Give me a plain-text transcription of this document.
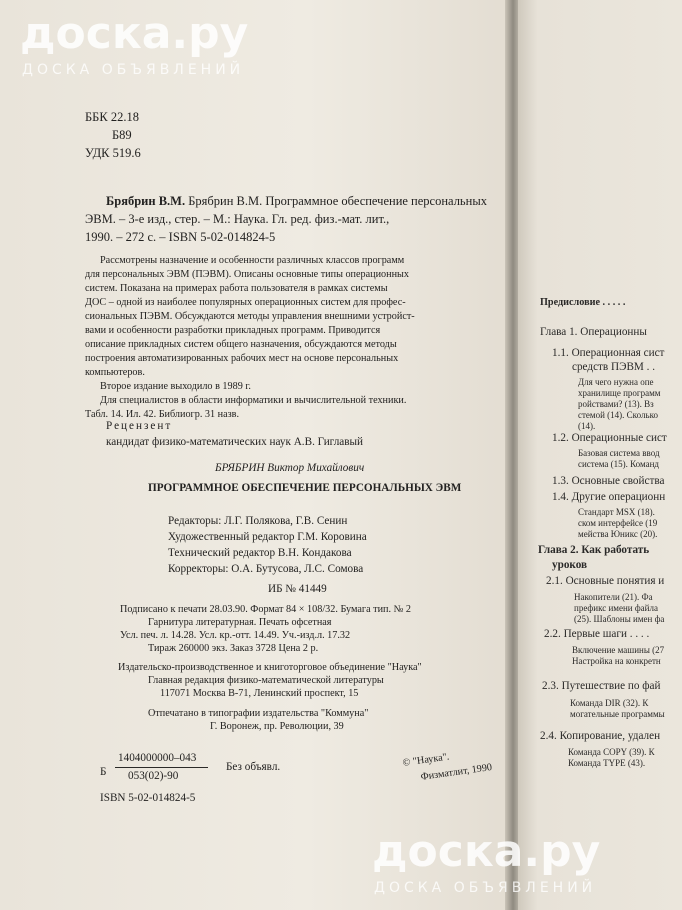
ББК 22.18
Б89
УДК 519.6
Брябрин В.М. Брябрин В.М. Программное обеспечение персональных
ЭВМ. – 3-е изд., стер. – М.: Наука. Гл. ред. физ.-мат. лит.,
1990. – 272 с. – ISBN 5-02-014824-5
Рассмотрены назначение и особенности различных классов программ
для персональных ЭВМ (ПЭВМ). Описаны основные типы операционных
систем. Показана на примерах работа пользователя в рамках системы
ДОС – одной из наиболее популярных операционных систем для профес-
сиональных ПЭВМ. Обсуждаются методы управления внешними устройст-
вами и особенности разработки прикладных программ. Приводится
описание прикладных систем общего назначения, обсуждаются методы
построения автоматизированных рабочих мест на основе персональных
компьютеров.
Второе издание выходило в 1989 г.
Для специалистов в области информатики и вычислительной техники.
Табл. 14. Ил. 42. Библиогр. 31 назв.
Рецензент
кандидат физико-математических наук А.В. Гиглавый
БРЯБРИН Виктор Михайлович
ПРОГРАММНОЕ ОБЕСПЕЧЕНИЕ ПЕРСОНАЛЬНЫХ ЭВМ
Редакторы: Л.Г. Полякова, Г.В. Сенин
Художественный редактор Г.М. Коровина
Технический редактор В.Н. Кондакова
Корректоры: О.А. Бутусова, Л.С. Сомова
ИБ № 41449
Подписано к печати 28.03.90. Формат 84 × 108/32. Бумага тип. № 2
Гарнитура литературная. Печать офсетная
Усл. печ. л. 14.28. Усл. кр.-отт. 14.49. Уч.-изд.л. 17.32
Тираж 260000 экз. Заказ 3728 Цена 2 р.
Издательско-производственное и книготорговое объединение "Наука"
Главная редакция физико-математической литературы
117071 Москва В-71, Ленинский проспект, 15
Отпечатано в типографии издательства "Коммуна"
Г. Воронеж, пр. Революции, 39
Б
1404000000–043
053(02)-90
Без объявл.	© "Наука".
Физматлит, 1990
ISBN 5-02-014824-5
Предисловие . . . . .
Глава 1. Операционны
1.1. Операционная сист
средств ПЭВМ . .
Для чего нужна опе
хранилище программ
ройствами? (13). Вз
стемой (14). Сколько
(14).
1.2. Операционные сист
Базовая система ввод
система (15). Команд
1.3. Основные свойства
1.4. Другие операционн
Стандарт MSX (18).
ском интерфейсе (19
мейства Юникс (20).
Глава 2. Как работать
уроков
2.1. Основные понятия и
Накопители (21). Фа
префикс имени файла
(25). Шаблоны имен фа
2.2. Первые шаги . . . .
Включение машины (27
Настройка на конкретн
2.3. Путешествие по фай
Команда DIR (32). К
могательные программы
2.4. Копирование, удален
Команда COPY (39). К
Команда TYPE (43).
доска.ру
ДОСКА ОБЪЯВЛЕНИЙ
доска.ру
ДОСКА ОБЪЯВЛЕНИЙ
